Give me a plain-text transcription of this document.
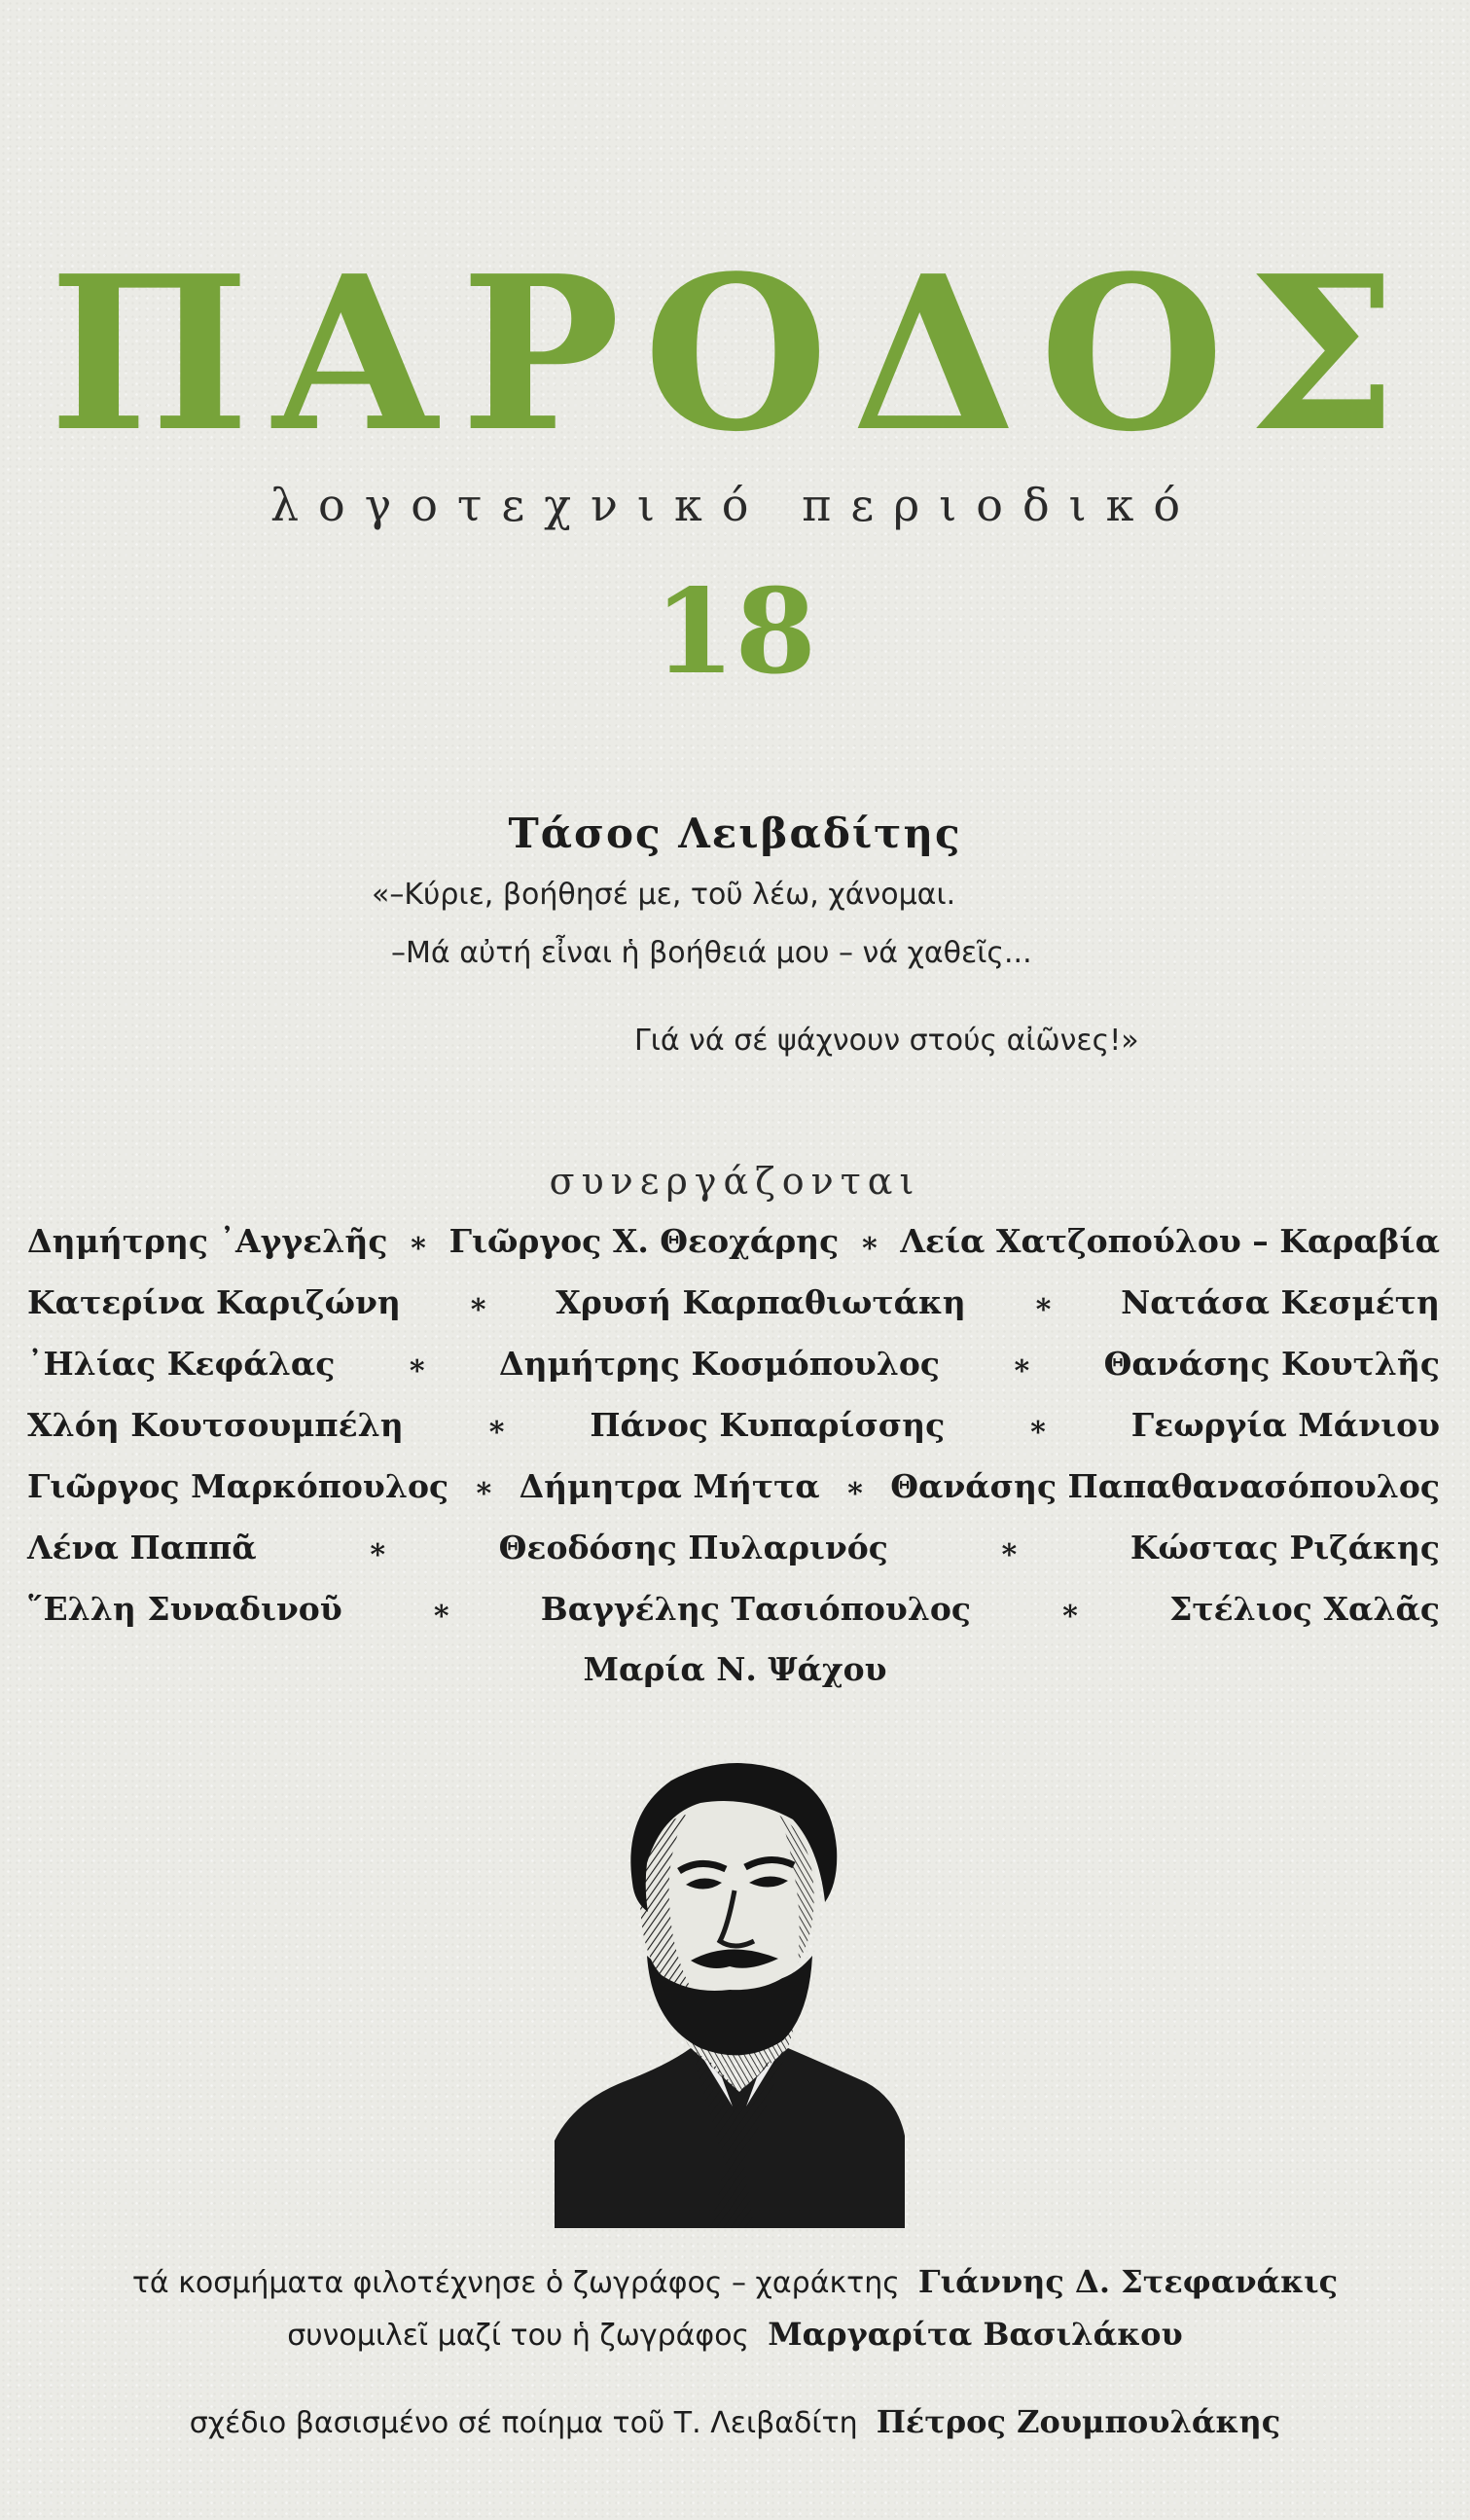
ΠΑΡΟΔΟΣ
λογοτεχνικό περιοδικό
18
Τάσος Λειβαδίτης
«–Κύριε, βοήθησέ με, τοῦ λέω, χάνομαι.
–Μά αὐτή εἶναι ἡ βοήθειά μου – νά χαθεῖς...
Γιά νά σέ ψάχνουν στούς αἰῶνες!»
συνεργάζονται
Δημήτρης ᾿Αγγελῆς ∗ Γιῶργος Χ. Θεοχάρης ∗ Λεία Χατζοπούλου – Καραβία
Κατερίνα Καριζώνη ∗ Χρυσή Καρπαθιωτάκη ∗ Νατάσα Κεσμέτη
᾿Ηλίας Κεφάλας ∗ Δημήτρης Κοσμόπουλος ∗ Θανάσης Κουτλῆς
Χλόη Κουτσουμπέλη	∗	Πάνος Κυπαρίσσης	∗	Γεωργία Μάνιου
Γιῶργος Μαρκόπουλος ∗ Δήμητρα Μήττα ∗ Θανάσης Παπαθανασόπουλος
Λένα Παππᾶ	∗	Θεοδόσης Πυλαρινός	∗	Κώστας Ριζάκης
῞Ελλη Συναδινοῦ	∗	Βαγγέλης Τασιόπουλος	∗	Στέλιος Χαλᾶς
Μαρία Ν. Ψάχου
τά κοσμήματα φιλοτέχνησε ὁ ζωγράφος – χαράκτης Γιάννης Δ. Στεφανάκις
συνομιλεῖ μαζί του ἡ ζωγράφος Μαργαρίτα Βασιλάκου
σχέδιο βασισμένο σέ ποίημα τοῦ Τ. Λειβαδίτη Πέτρος Ζουμπουλάκης
